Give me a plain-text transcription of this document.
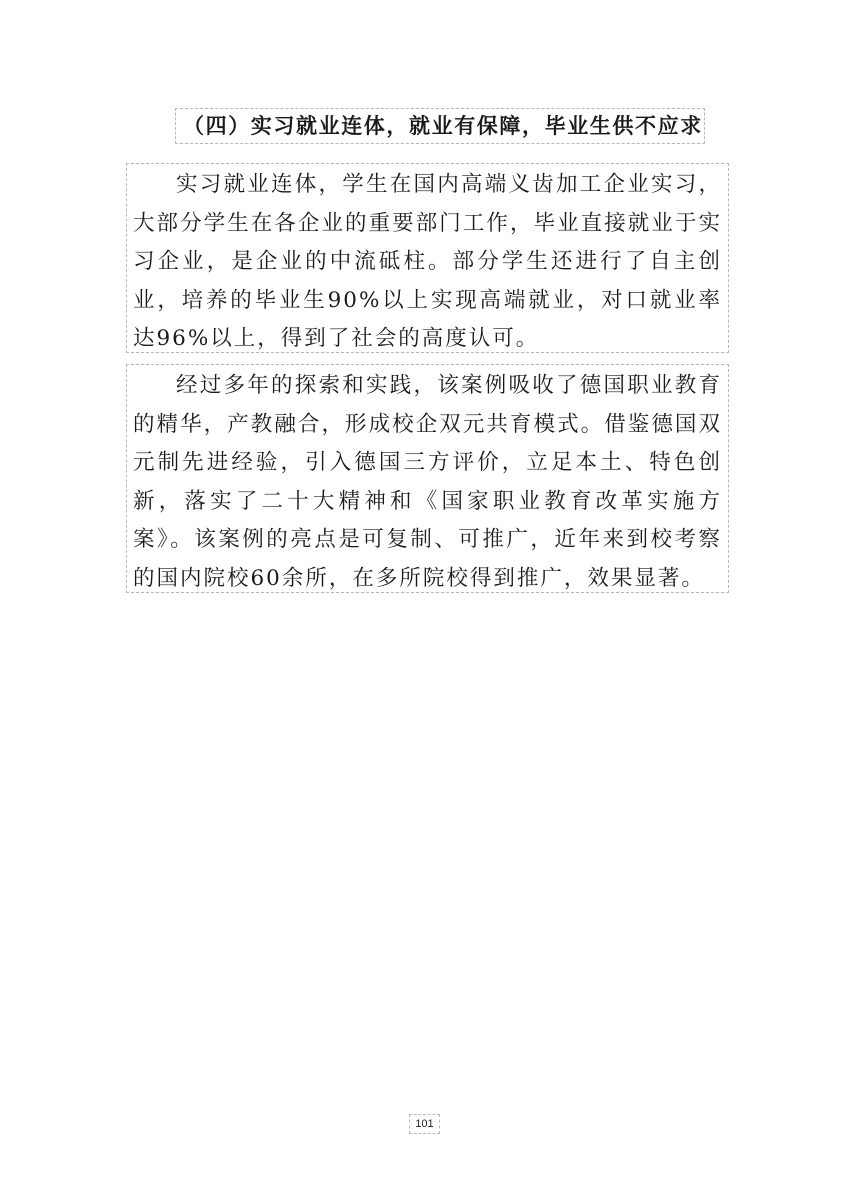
（四）实习就业连体，就业有保障，毕业生供不应求
实习就业连体，学生在国内高端义齿加工企业实习，大部分学生在各企业的重要部门工作，毕业直接就业于实习企业，是企业的中流砥柱。部分学生还进行了自主创业，培养的毕业生90%以上实现高端就业，对口就业率达96%以上，得到了社会的高度认可。
经过多年的探索和实践，该案例吸收了德国职业教育的精华，产教融合，形成校企双元共育模式。借鉴德国双元制先进经验，引入德国三方评价，立足本土、特色创新，落实了二十大精神和《国家职业教育改革实施方案》。该案例的亮点是可复制、可推广，近年来到校考察的国内院校60余所，在多所院校得到推广，效果显著。
101
